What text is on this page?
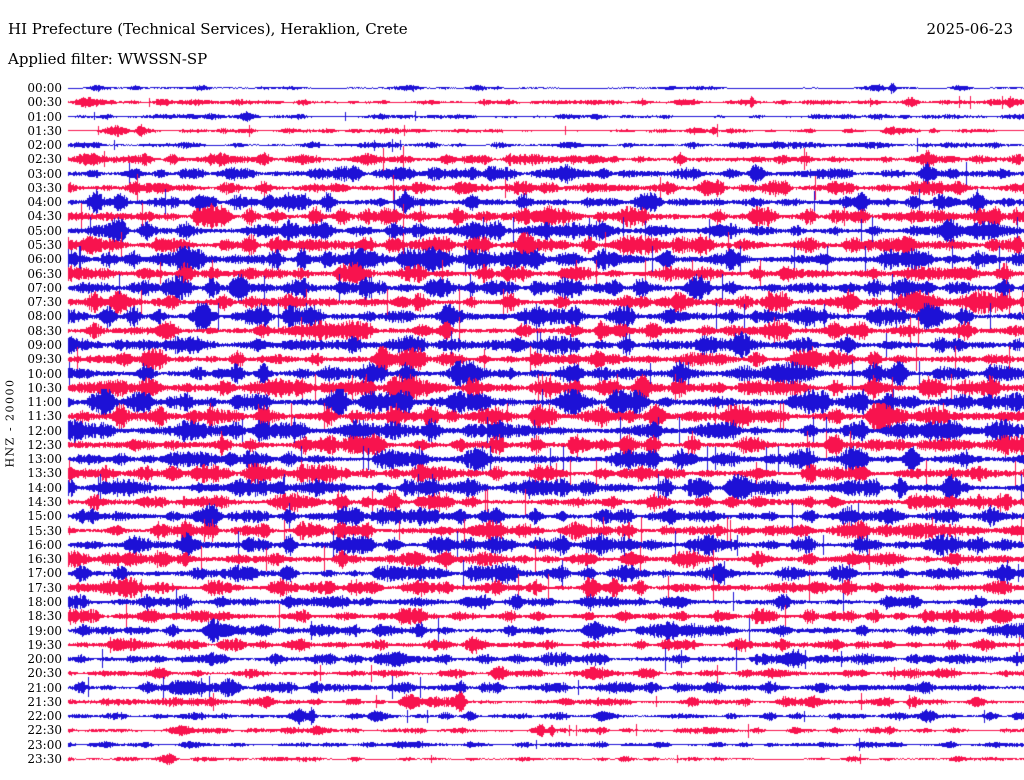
HI Prefecture (Technical Services), Heraklion, Crete	2025-06-23
Applied filter: WWSSN-SP
HNZ - 20000
00:00
00:30
01:00
01:30
02:00
02:30
03:00
03:30
04:00
04:30
05:00
05:30
06:00
06:30
07:00
07:30
08:00
08:30
09:00
09:30
10:00
10:30
11:00
11:30
12:00
12:30
13:00
13:30
14:00
14:30
15:00
15:30
16:00
16:30
17:00
17:30
18:00
18:30
19:00
19:30
20:00
20:30
21:00
21:30
22:00
22:30
23:00
23:30
